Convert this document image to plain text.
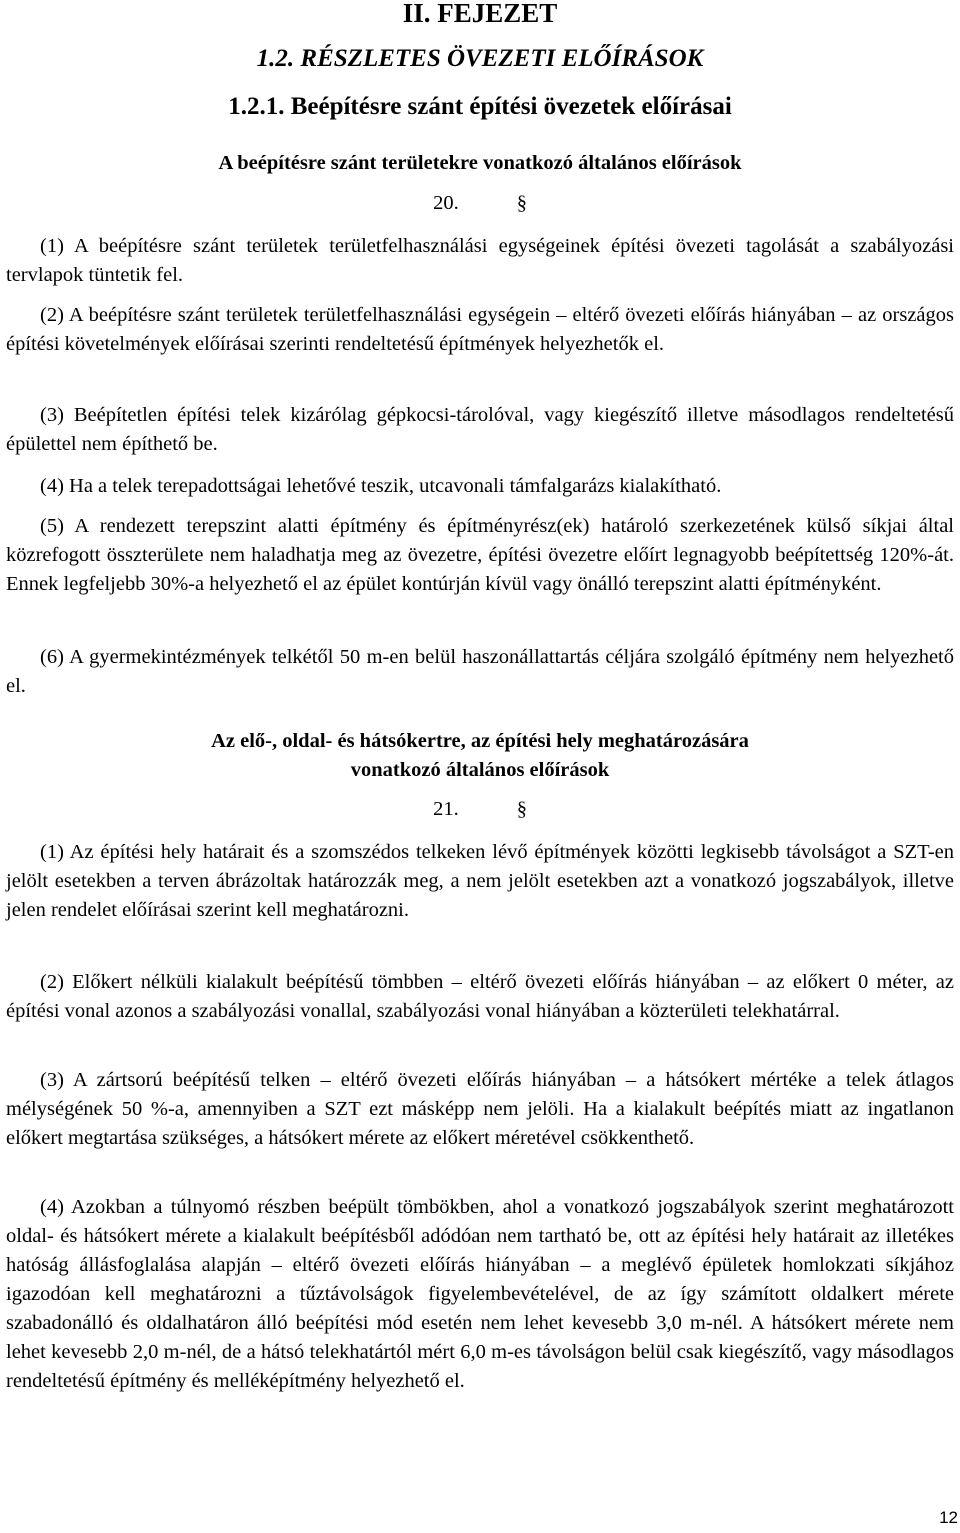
II. FEJEZET
1.2. RÉSZLETES ÖVEZETI ELŐÍRÁSOK
1.2.1. Beépítésre szánt építési övezetek előírásai
A beépítésre szánt területekre vonatkozó általános előírások
20.	§

(1) A beépítésre szánt területek területfelhasználási egységeinek építési övezeti tagolását a szabályozási tervlapok tüntetik fel.

(2) A beépítésre szánt területek területfelhasználási egységein – eltérő övezeti előírás hiányában – az országos építési követelmények előírásai szerinti rendeltetésű építmények helyezhetők el.

(3) Beépítetlen építési telek kizárólag gépkocsi-tárolóval, vagy kiegészítő illetve másodlagos rendeltetésű épülettel nem építhető be.

(4) Ha a telek terepadottságai lehetővé teszik, utcavonali támfalgarázs kialakítható.

(5) A rendezett terepszint alatti építmény és építményrész(ek) határoló szerkezetének külső síkjai által közrefogott összterülete nem haladhatja meg az övezetre, építési övezetre előírt legnagyobb beépítettség 120%-át. Ennek legfeljebb 30%-a helyezhető el az épület kontúrján kívül vagy önálló terepszint alatti építményként.

(6) A gyermekintézmények telkétől 50 m-en belül haszonállattartás céljára szolgáló építmény nem helyezhető el.

Az elő-, oldal- és hátsókertre, az építési hely meghatározására
vonatkozó általános előírások
21.	§

(1) Az építési hely határait és a szomszédos telkeken lévő építmények közötti legkisebb távolságot a SZT-en jelölt esetekben a terven ábrázoltak határozzák meg, a nem jelölt esetekben azt a vonatkozó jogszabályok, illetve jelen rendelet előírásai szerint kell meghatározni.

(2) Előkert nélküli kialakult beépítésű tömbben – eltérő övezeti előírás hiányában – az előkert 0 méter, az építési vonal azonos a szabályozási vonallal, szabályozási vonal hiányában a közterületi telekhatárral.

(3) A zártsorú beépítésű telken – eltérő övezeti előírás hiányában – a hátsókert mértéke a telek átlagos mélységének 50 %-a, amennyiben a SZT ezt másképp nem jelöli. Ha a kialakult beépítés miatt az ingatlanon előkert megtartása szükséges, a hátsókert mérete az előkert méretével csökkenthető.

(4) Azokban a túlnyomó részben beépült tömbökben, ahol a vonatkozó jogszabályok szerint meghatározott oldal- és hátsókert mérete a kialakult beépítésből adódóan nem tartható be, ott az építési hely határait az illetékes hatóság állásfoglalása alapján – eltérő övezeti előírás hiányában – a meglévő épületek homlokzati síkjához igazodóan kell meghatározni a tűztávolságok figyelembevételével, de az így számított oldalkert mérete szabadonálló és oldalhatáron álló beépítési mód esetén nem lehet kevesebb 3,0 m-nél. A hátsókert mérete nem lehet kevesebb 2,0 m-nél, de a hátsó telekhatártól mért 6,0 m-es távolságon belül csak kiegészítő, vagy másodlagos rendeltetésű építmény és melléképítmény helyezhető el.

12
